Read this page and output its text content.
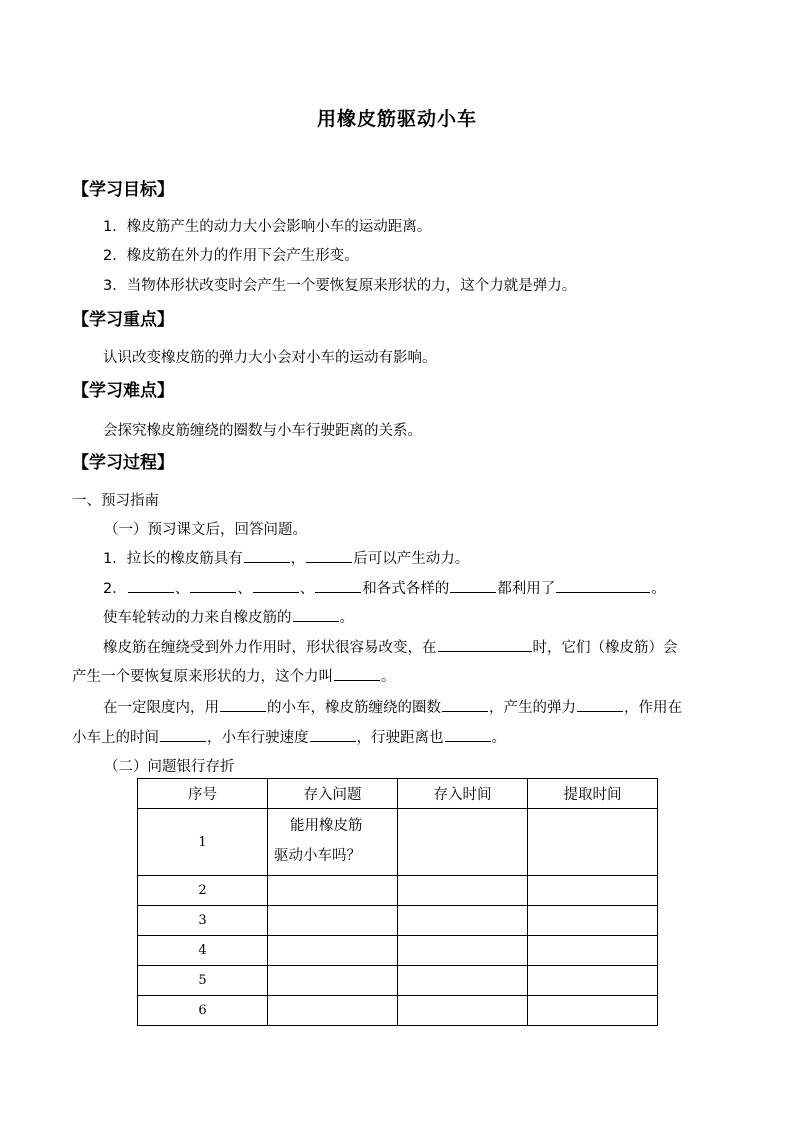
用橡皮筋驱动小车
【学习目标】
1．橡皮筋产生的动力大小会影响小车的运动距离。
2．橡皮筋在外力的作用下会产生形变。
3．当物体形状改变时会产生一个要恢复原来形状的力，这个力就是弹力。
【学习重点】
认识改变橡皮筋的弹力大小会对小车的运动有影响。
【学习难点】
会探究橡皮筋缠绕的圈数与小车行驶距离的关系。
【学习过程】
一、预习指南
（一）预习课文后，回答问题。
1．拉长的橡皮筋具有	，	后可以产生动力。
2．	、	、	、	和各式各样的	都利用了	。
使车轮转动的力来自橡皮筋的	。
橡皮筋在缠绕受到外力作用时，形状很容易改变，在	时，它们（橡皮筋）会
产生一个要恢复原来形状的力，这个力叫	。
在一定限度内，用	的小车，橡皮筋缠绕的圈数	，产生的弹力	，作用在
小车上的时间	，小车行驶速度	，行驶距离也	。
（二）问题银行存折
序号	存入问题	存入时间	提取时间
1	能用橡皮筋
驱动小车吗？		

2			
3			
4			
5			
6			
